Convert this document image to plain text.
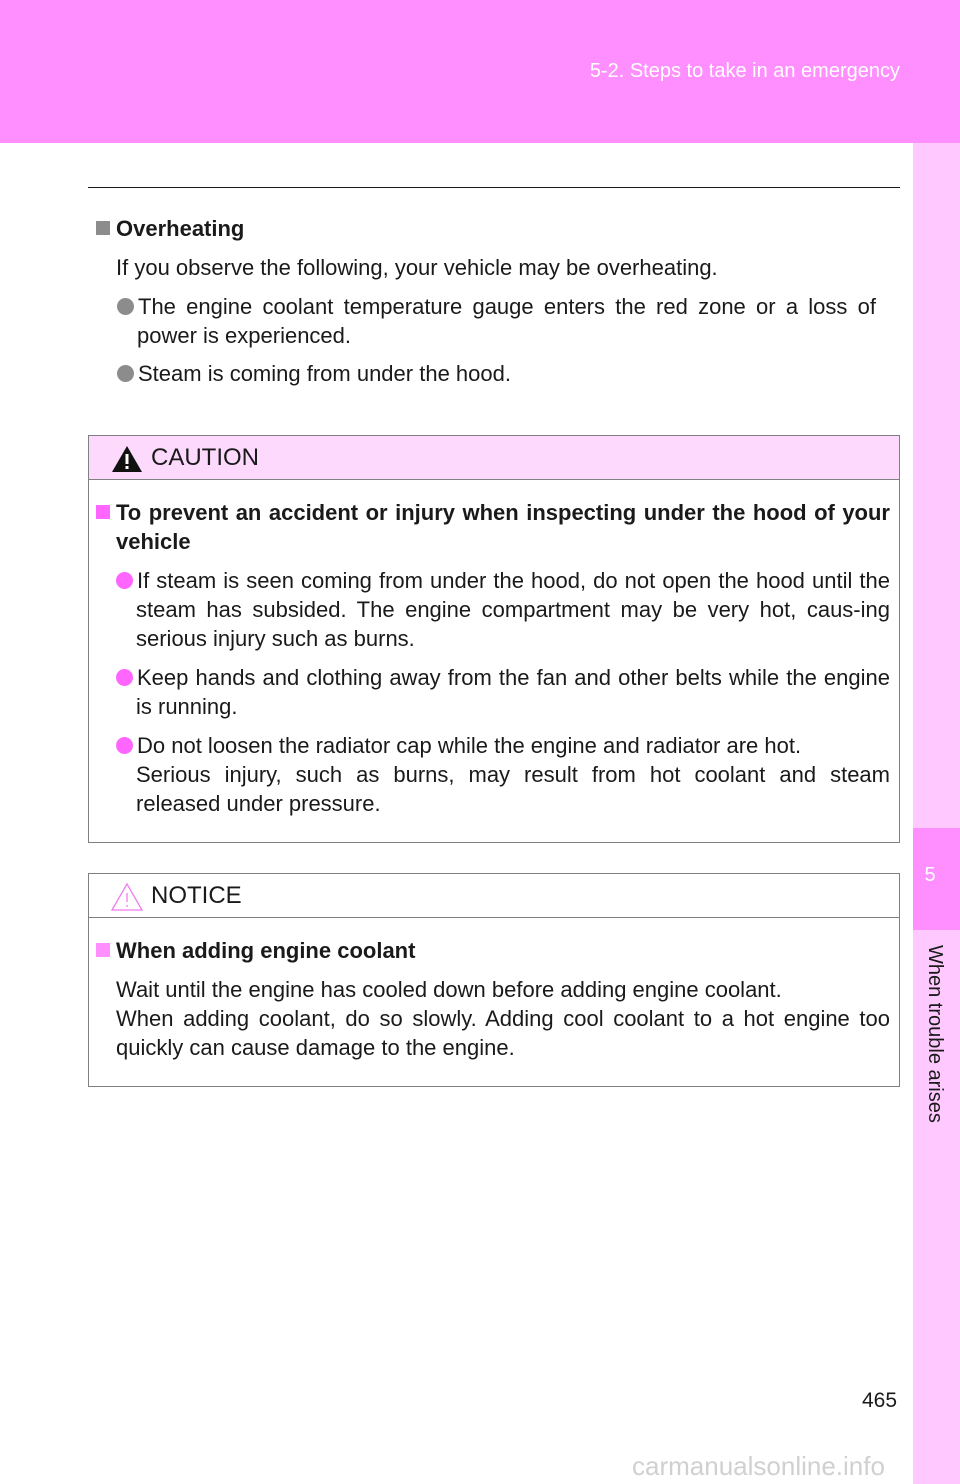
5-2. Steps to take in an emergency
5
When trouble arises
Overheating
If you observe the following, your vehicle may be overheating.
The engine coolant temperature gauge enters the red zone or a loss of power is experienced.
Steam is coming from under the hood.
CAUTION
To prevent an accident or injury when inspecting under the hood of your vehicle
If steam is seen coming from under the hood, do not open the hood until the steam has subsided. The engine compartment may be very hot, caus-ing serious injury such as burns.
Keep hands and clothing away from the fan and other belts while the engine is running.
Do not loosen the radiator cap while the engine and radiator are hot.
Serious injury, such as burns, may result from hot coolant and steam released under pressure.
NOTICE
When adding engine coolant
Wait until the engine has cooled down before adding engine coolant.
When adding coolant, do so slowly. Adding cool coolant to a hot engine too quickly can cause damage to the engine.
465
carmanualsonline.info
